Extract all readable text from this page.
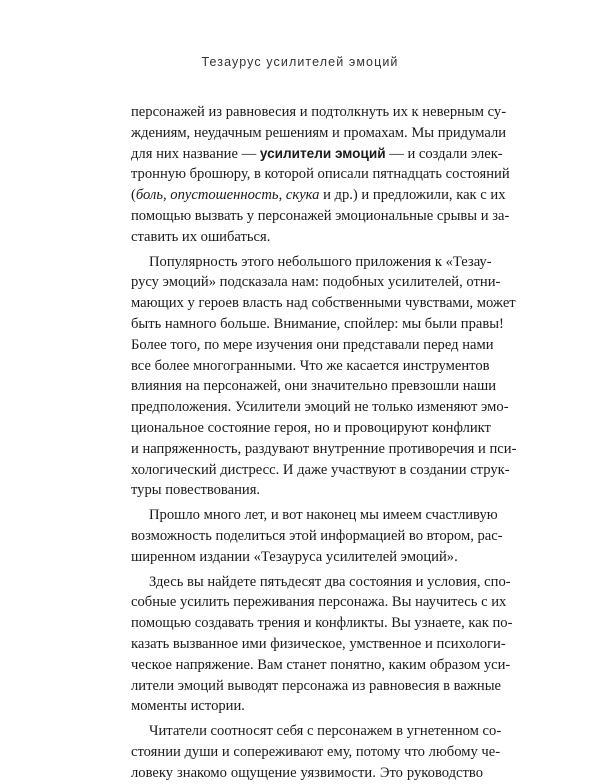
Тезаурус усилителей эмоций
персонажей из равновесия и подтолкнуть их к неверным су-
ждениям, неудачным решениям и промахам. Мы придумали
для них название — усилители эмоций — и создали элек-
тронную брошюру, в которой описали пятнадцать состояний
(боль, опустошенность, скука и др.) и предложили, как с их
помощью вызвать у персонажей эмоциональные срывы и за-
ставить их ошибаться.
Популярность этого небольшого приложения к «Тезау-
русу эмоций» подсказала нам: подобных усилителей, отни-
мающих у героев власть над собственными чувствами, может
быть намного больше. Внимание, спойлер: мы были правы!
Более того, по мере изучения они представали перед нами
все более многогранными. Что же касается инструментов
влияния на персонажей, они значительно превзошли наши
предположения. Усилители эмоций не только изменяют эмо-
циональное состояние героя, но и провоцируют конфликт
и напряженность, раздувают внутренние противоречия и пси-
хологический дистресс. И даже участвуют в создании струк-
туры повествования.
Прошло много лет, и вот наконец мы имеем счастливую
возможность поделиться этой информацией во втором, рас-
ширенном издании «Тезауруса усилителей эмоций».
Здесь вы найдете пятьдесят два состояния и условия, спо-
собные усилить переживания персонажа. Вы научитесь с их
помощью создавать трения и конфликты. Вы узнаете, как по-
казать вызванное ими физическое, умственное и психологи-
ческое напряжение. Вам станет понятно, каким образом уси-
лители эмоций выводят персонажа из равновесия в важные
моменты истории.
Читатели соотносят себя с персонажем в угнетенном со-
стоянии души и сопереживают ему, потому что любому че-
ловеку знакомо ощущение уязвимости. Это руководство
